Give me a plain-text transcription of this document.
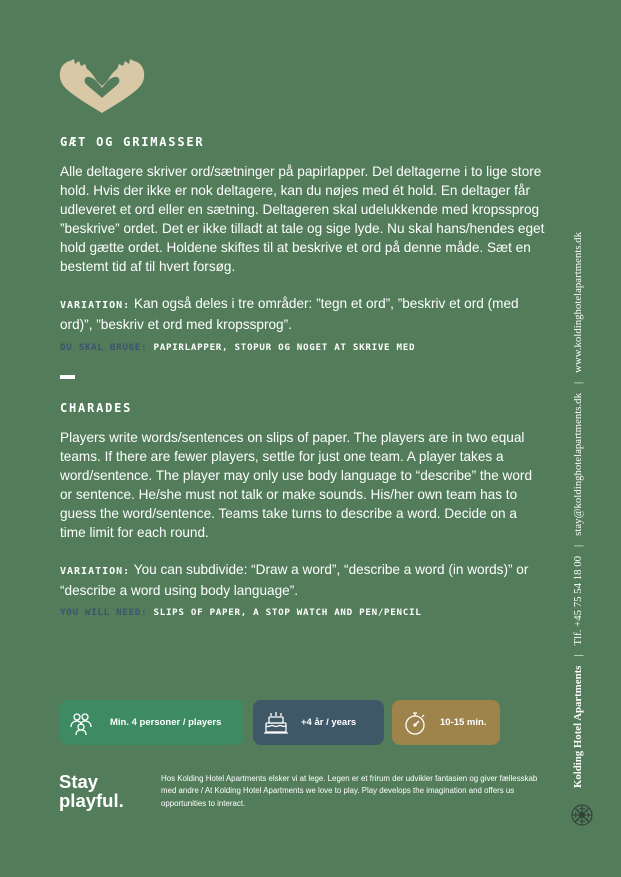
GÆT OG GRIMASSER
Alle deltagere skriver ord/sætninger på papirlapper. Del deltagerne i to lige store hold. Hvis der ikke er nok deltagere, kan du nøjes med ét hold. En deltager får udleveret et ord eller en sætning. Deltageren skal udelukkende med kropssprog ”beskrive” ordet. Det er ikke tilladt at tale og sige lyde. Nu skal hans/hendes eget hold gætte ordet. Holdene skiftes til at beskrive et ord på denne måde. Sæt en bestemt tid af til hvert forsøg.
VARIATION: Kan også deles i tre områder: ”tegn et ord”, ”beskriv et ord (med ord)”, ”beskriv et ord med kropssprog”.
DU SKAL BRUGE: PAPIRLAPPER, STOPUR OG NOGET AT SKRIVE MED
CHARADES
Players write words/sentences on slips of paper. The players are in two equal teams. If there are fewer players, settle for just one team. A player takes a word/sentence. The player may only use body language to “describe” the word or sentence. He/she must not talk or make sounds. His/her own team has to guess the word/sentence. Teams take turns to describe a word. Decide on a time limit for each round.
VARIATION: You can subdivide: “Draw a word”, “describe a word (in words)” or “describe a word using body language”.
YOU WILL NEED: SLIPS OF PAPER, A STOP WATCH AND PEN/PENCIL
Min. 4 personer / players	+4 år / years	10-15 min.
Stay
playful.
Hos Kolding Hotel Apartments elsker vi at lege. Legen er et frirum der udvikler fantasien og giver fællesskab med andre / At Kolding Hotel Apartments we love to play. Play develops the imagination and offers us opportunities to interact.
Kolding Hotel Apartments|Tlf. +45 75 54 18 00|stay@koldinghotelapartments.dk|www.koldinghotelapartments.dk
